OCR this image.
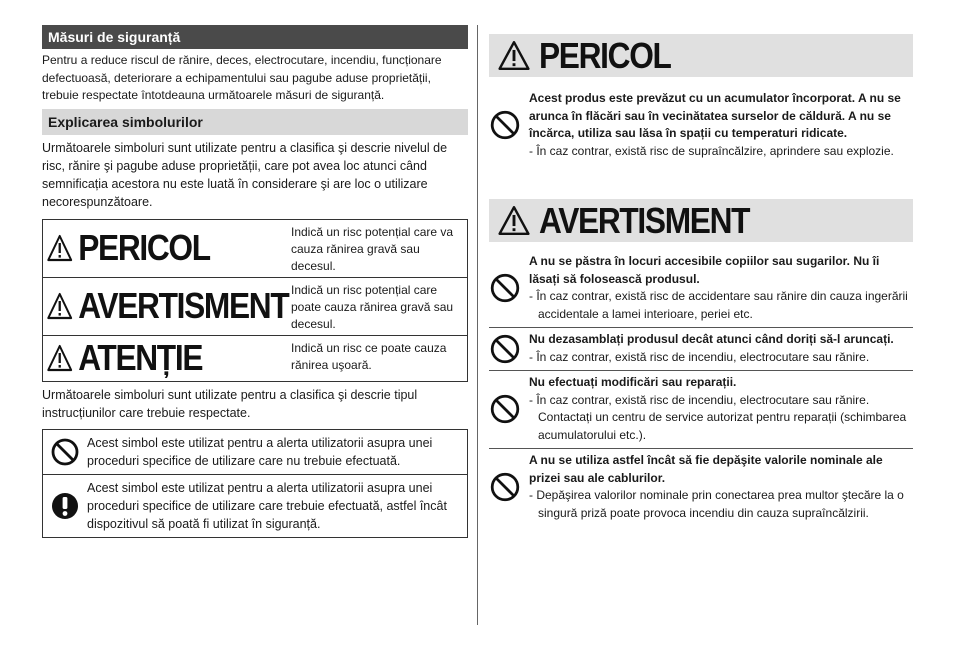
Măsuri de siguranță

Pentru a reduce riscul de rănire, deces, electrocutare, incendiu, funcționare defectuoasă, deteriorare a echipamentului sau pagube aduse proprietății, trebuie respectate întotdeauna următoarele măsuri de siguranță.

Explicarea simbolurilor

Următoarele simboluri sunt utilizate pentru a clasifica şi descrie nivelul de risc, rănire şi pagube aduse proprietății, care pot avea loc atunci când semnificația acestora nu este luată în considerare şi are loc o utilizare necorespunzătoare.

PERICOL	Indică un risc potențial care va cauza rănirea gravă sau decesul.
AVERTISMENT Indică un risc potențial care poate cauza rănirea gravă sau decesul.
ATENȚIE	Indică un risc ce poate cauza rănirea uşoară.

Următoarele simboluri sunt utilizate pentru a clasifica şi descrie tipul instrucțiunilor care trebuie respectate.

Acest simbol este utilizat pentru a alerta utilizatorii asupra unei proceduri specifice de utilizare care nu trebuie efectuată.
Acest simbol este utilizat pentru a alerta utilizatorii asupra unei proceduri specifice de utilizare care trebuie efectuată, astfel încât dispozitivul să poată fi utilizat în siguranță.
PERICOL
Acest produs este prevăzut cu un acumulator încorporat. A nu se arunca în flăcări sau în vecinătatea surselor de căldură. A nu se încărca, utiliza sau lăsa în spații cu temperaturi ridicate.
- În caz contrar, există risc de supraîncălzire, aprindere sau explozie.
AVERTISMENT
A nu se păstra în locuri accesibile copiilor sau sugarilor. Nu îi lăsați să folosească produsul.
- În caz contrar, există risc de accidentare sau rănire din cauza ingerării accidentale a lamei interioare, periei etc.
Nu dezasamblați produsul decât atunci când doriți să-l aruncați.
- În caz contrar, există risc de incendiu, electrocutare sau rănire.
Nu efectuați modificări sau reparații.
- În caz contrar, există risc de incendiu, electrocutare sau rănire. Contactați un centru de service autorizat pentru reparații (schimbarea acumulatorului etc.).
A nu se utiliza astfel încât să fie depăşite valorile nominale ale prizei sau ale cablurilor.
- Depăşirea valorilor nominale prin conectarea prea multor ştecăre la o singură priză poate provoca incendiu din cauza supraîncălzirii.
